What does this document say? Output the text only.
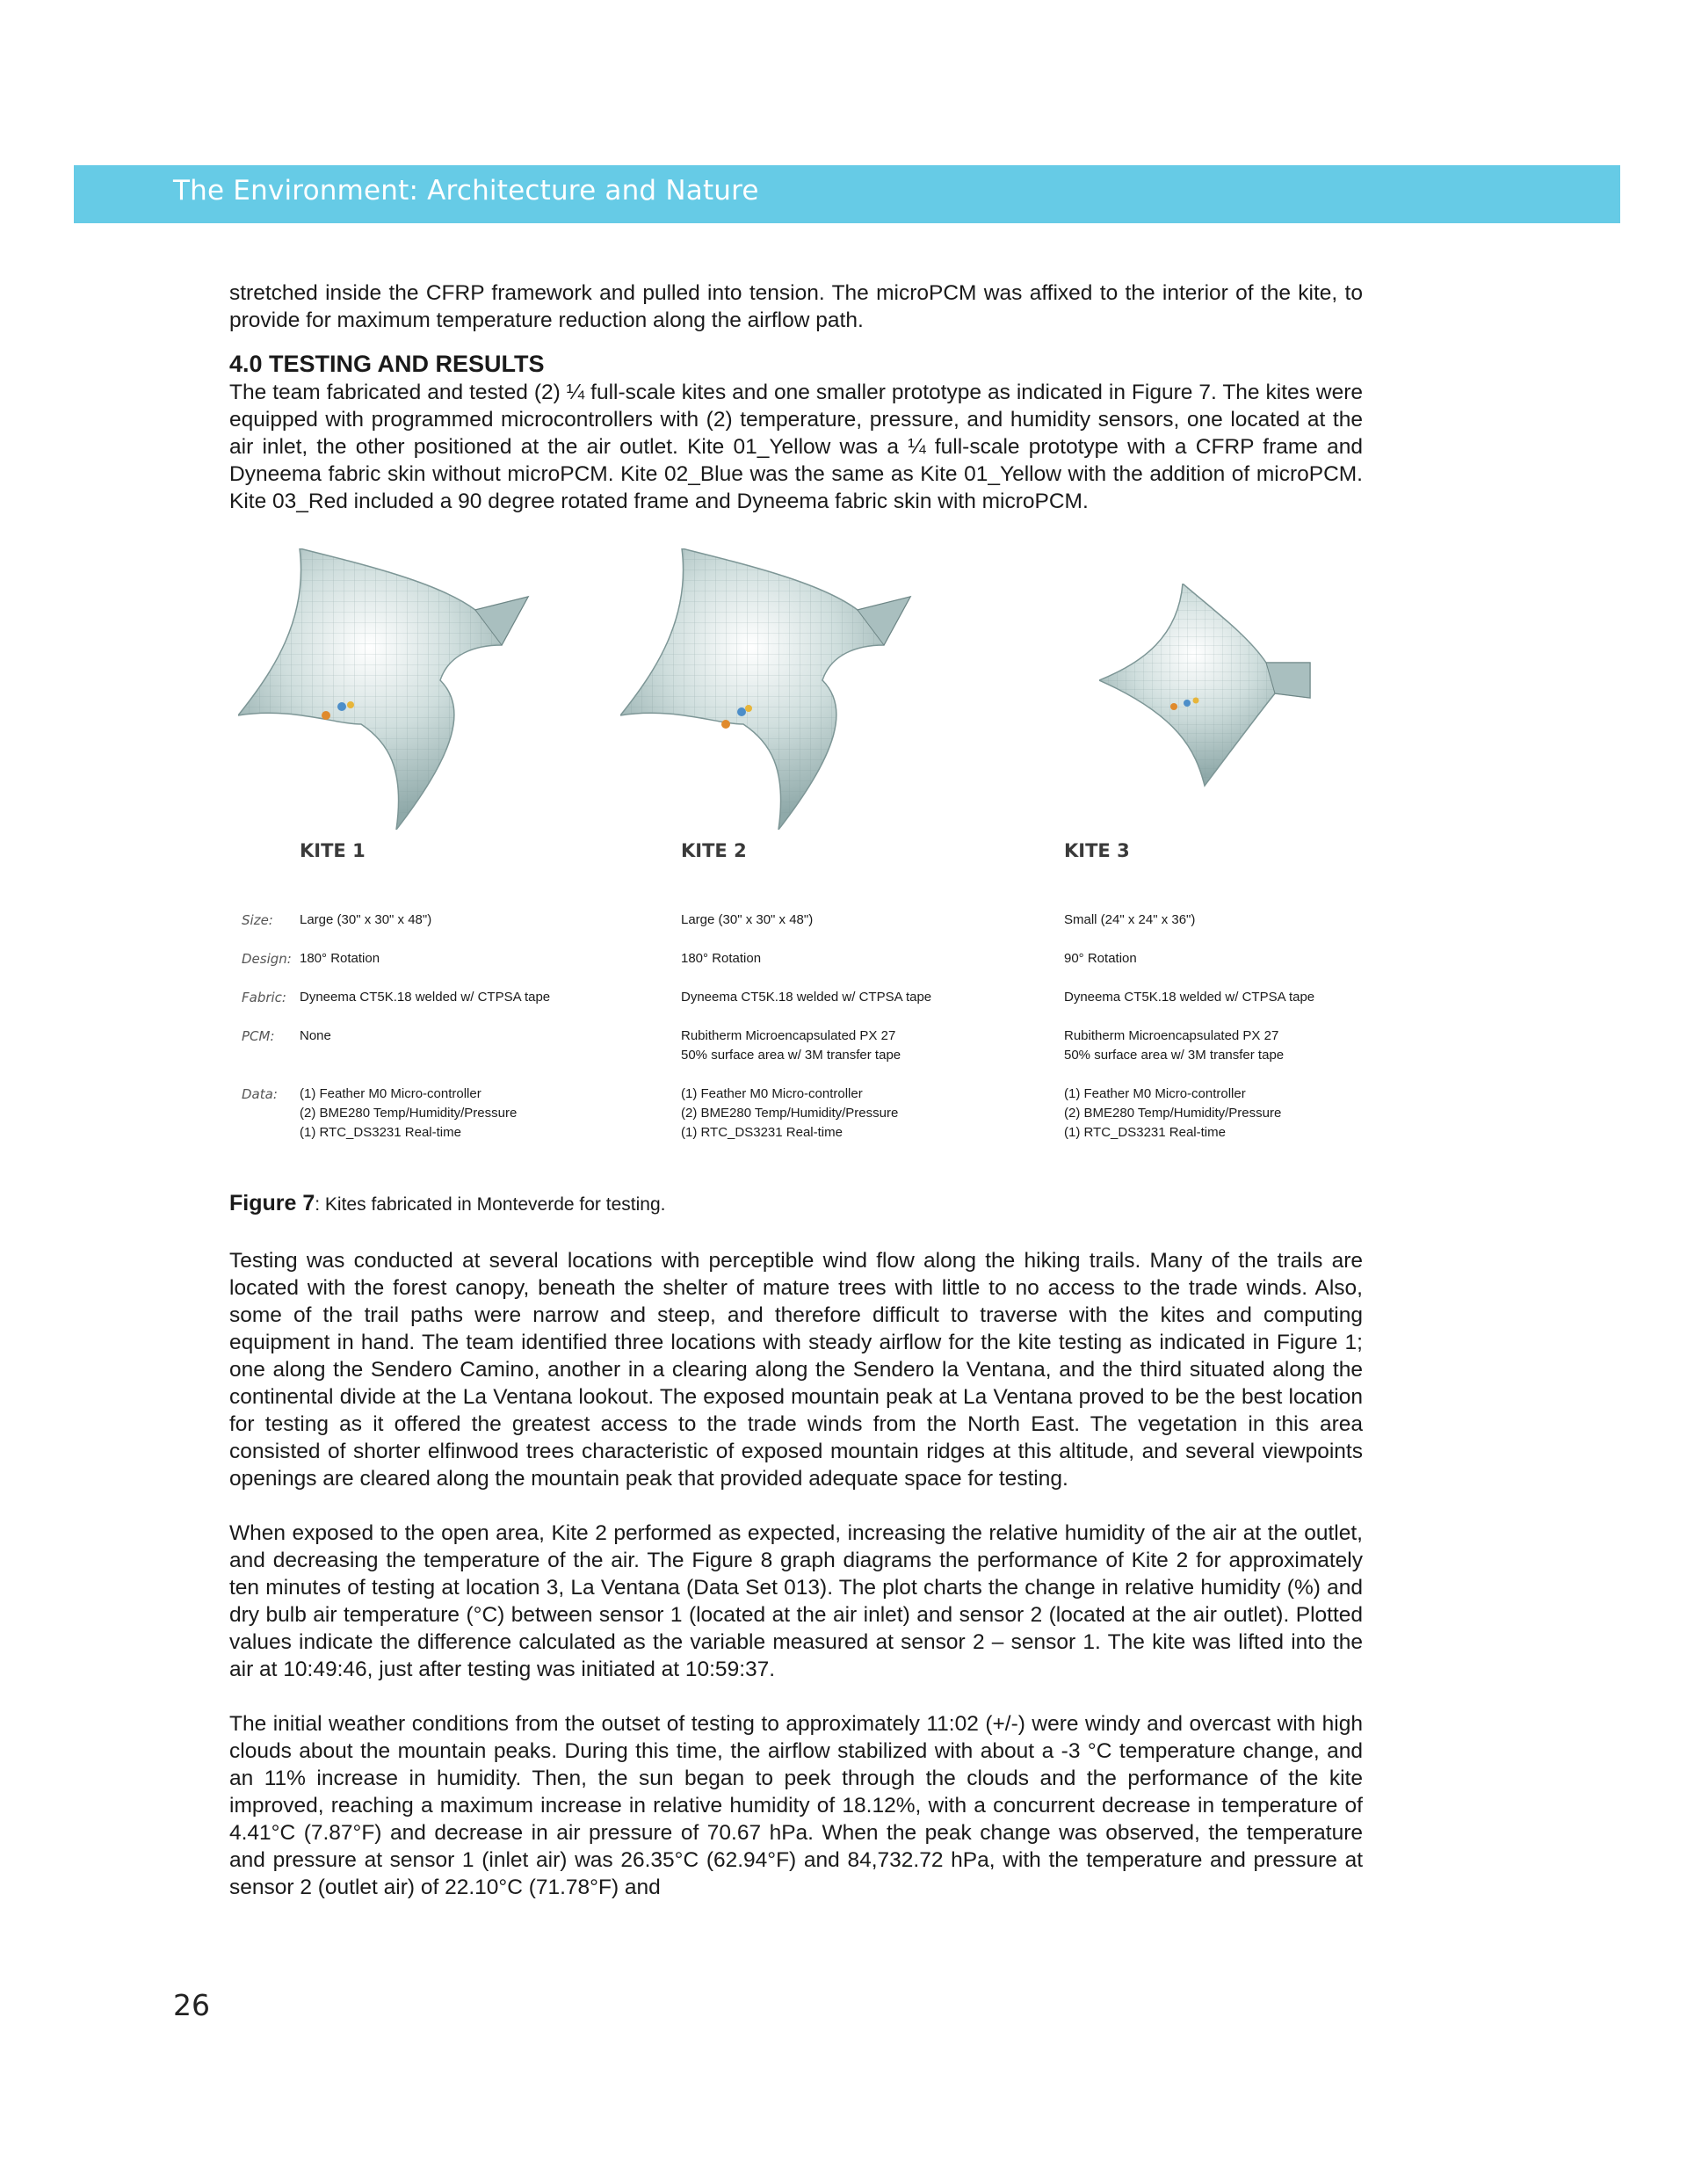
The Environment: Architecture and Nature

stretched inside the CFRP framework and pulled into tension. The microPCM was affixed to the interior of the kite, to provide for maximum temperature reduction along the airflow path.

4.0 TESTING AND RESULTS

The team fabricated and tested (2) ¼ full-scale kites and one smaller prototype as indicated in Figure 7. The kites were equipped with programmed microcontrollers with (2) temperature, pressure, and humidity sensors, one located at the air inlet, the other positioned at the air outlet. Kite 01_Yellow was a ¼ full-scale prototype with a CFRP frame and Dyneema fabric skin without microPCM. Kite 02_Blue was the same as Kite 01_Yellow with the addition of microPCM. Kite 03_Red included a 90 degree rotated frame and Dyneema fabric skin with microPCM.

Size:
Design:
Fabric:
PCM:
Data:
KITE 1
Large (30" x 30" x 48")
180° Rotation
Dyneema CT5K.18 welded w/ CTPSA tape
None
(1) Feather M0 Micro-controller
(2) BME280 Temp/Humidity/Pressure
(1) RTC_DS3231 Real-time
KITE 2
Large (30" x 30" x 48")
180° Rotation
Dyneema CT5K.18 welded w/ CTPSA tape
Rubitherm Microencapsulated PX 27
50% surface area w/ 3M transfer tape
(1) Feather M0 Micro-controller
(2) BME280 Temp/Humidity/Pressure
(1) RTC_DS3231 Real-time
KITE 3
Small (24" x 24" x 36")
90° Rotation
Dyneema CT5K.18 welded w/ CTPSA tape
Rubitherm Microencapsulated PX 27
50% surface area w/ 3M transfer tape
(1) Feather M0 Micro-controller
(2) BME280 Temp/Humidity/Pressure
(1) RTC_DS3231 Real-time

Figure 7: Kites fabricated in Monteverde for testing.

Testing was conducted at several locations with perceptible wind flow along the hiking trails. Many of the trails are located with the forest canopy, beneath the shelter of mature trees with little to no access to the trade winds. Also, some of the trail paths were narrow and steep, and therefore difficult to traverse with the kites and computing equipment in hand. The team identified three locations with steady airflow for the kite testing as indicated in Figure 1; one along the Sendero Camino, another in a clearing along the Sendero la Ventana, and the third situated along the continental divide at the La Ventana lookout. The exposed mountain peak at La Ventana proved to be the best location for testing as it offered the greatest access to the trade winds from the North East. The vegetation in this area consisted of shorter elfinwood trees characteristic of exposed mountain ridges at this altitude, and several viewpoints openings are cleared along the mountain peak that provided adequate space for testing.

When exposed to the open area, Kite 2 performed as expected, increasing the relative humidity of the air at the outlet, and decreasing the temperature of the air. The Figure 8 graph diagrams the performance of Kite 2 for approximately ten minutes of testing at location 3, La Ventana (Data Set 013). The plot charts the change in relative humidity (%) and dry bulb air temperature (°C) between sensor 1 (located at the air inlet) and sensor 2 (located at the air outlet). Plotted values indicate the difference calculated as the variable measured at sensor 2 – sensor 1. The kite was lifted into the air at 10:49:46, just after testing was initiated at 10:59:37.

The initial weather conditions from the outset of testing to approximately 11:02 (+/-) were windy and overcast with high clouds about the mountain peaks. During this time, the airflow stabilized with about a -3 °C temperature change, and an 11% increase in humidity. Then, the sun began to peek through the clouds and the performance of the kite improved, reaching a maximum increase in relative humidity of 18.12%, with a concurrent decrease in temperature of 4.41°C (7.87°F) and decrease in air pressure of 70.67 hPa. When the peak change was observed, the temperature and pressure at sensor 1 (inlet air) was 26.35°C (62.94°F) and 84,732.72 hPa, with the temperature and pressure at sensor 2 (outlet air) of 22.10°C (71.78°F) and

26
